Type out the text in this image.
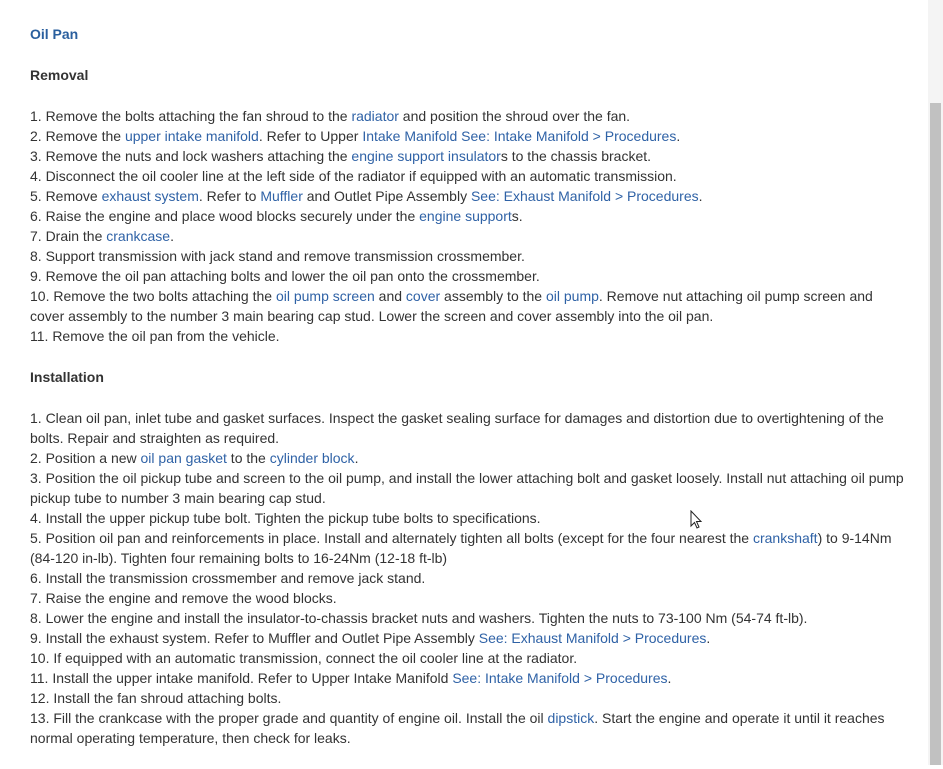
Oil Pan
Removal
1. Remove the bolts attaching the fan shroud to the radiator and position the shroud over the fan.
2. Remove the upper intake manifold. Refer to Upper Intake Manifold See: Intake Manifold > Procedures.
3. Remove the nuts and lock washers attaching the engine support insulators to the chassis bracket.
4. Disconnect the oil cooler line at the left side of the radiator if equipped with an automatic transmission.
5. Remove exhaust system. Refer to Muffler and Outlet Pipe Assembly See: Exhaust Manifold > Procedures.
6. Raise the engine and place wood blocks securely under the engine supports.
7. Drain the crankcase.
8. Support transmission with jack stand and remove transmission crossmember.
9. Remove the oil pan attaching bolts and lower the oil pan onto the crossmember.
10. Remove the two bolts attaching the oil pump screen and cover assembly to the oil pump. Remove nut attaching oil pump screen and cover assembly to the number 3 main bearing cap stud. Lower the screen and cover assembly into the oil pan.
11. Remove the oil pan from the vehicle.
Installation
1. Clean oil pan, inlet tube and gasket surfaces. Inspect the gasket sealing surface for damages and distortion due to overtightening of the bolts. Repair and straighten as required.
2. Position a new oil pan gasket to the cylinder block.
3. Position the oil pickup tube and screen to the oil pump, and install the lower attaching bolt and gasket loosely. Install nut attaching oil pump pickup tube to number 3 main bearing cap stud.
4. Install the upper pickup tube bolt. Tighten the pickup tube bolts to specifications.
5. Position oil pan and reinforcements in place. Install and alternately tighten all bolts (except for the four nearest the crankshaft) to 9-14Nm (84-120 in-lb). Tighten four remaining bolts to 16-24Nm (12-18 ft-lb)
6. Install the transmission crossmember and remove jack stand.
7. Raise the engine and remove the wood blocks.
8. Lower the engine and install the insulator-to-chassis bracket nuts and washers. Tighten the nuts to 73-100 Nm (54-74 ft-lb).
9. Install the exhaust system. Refer to Muffler and Outlet Pipe Assembly See: Exhaust Manifold > Procedures.
10. If equipped with an automatic transmission, connect the oil cooler line at the radiator.
11. Install the upper intake manifold. Refer to Upper Intake Manifold See: Intake Manifold > Procedures.
12. Install the fan shroud attaching bolts.
13. Fill the crankcase with the proper grade and quantity of engine oil. Install the oil dipstick. Start the engine and operate it until it reaches normal operating temperature, then check for leaks.
